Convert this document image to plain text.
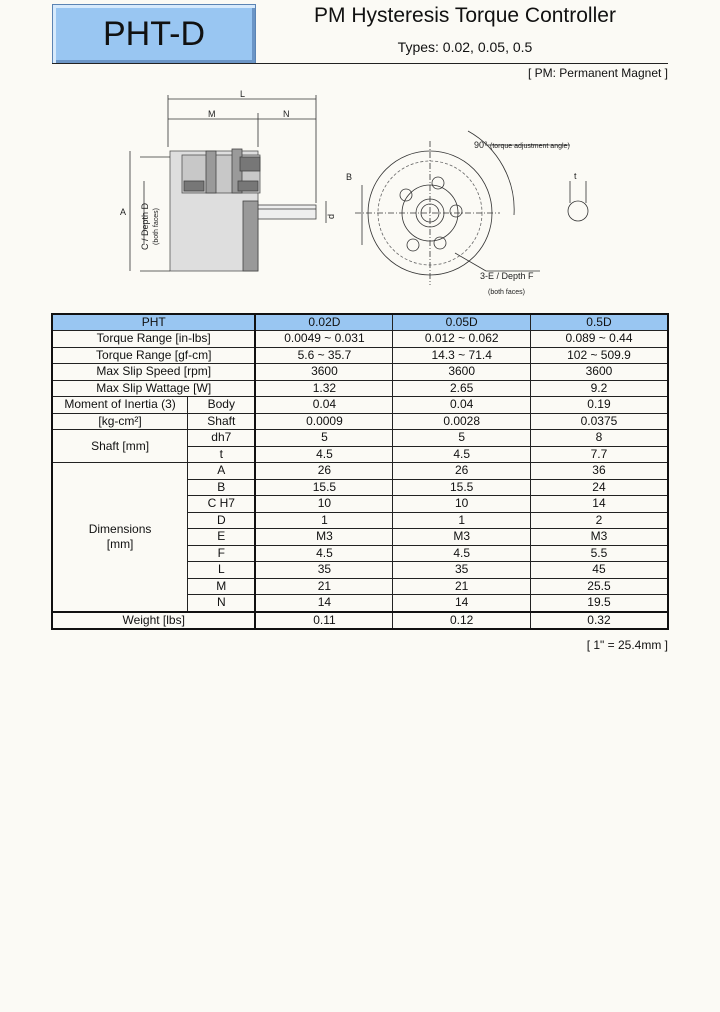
PHT-D	PM Hysteresis Torque Controller
Types: 0.02, 0.05, 0.5
[ PM: Permanent Magnet ]
L
M	N
A C / Depth D (both faces)	d
B
90° (torque adjustment angle)
t
3-E / Depth F
(both faces)
PHT		0.02D	0.05D	0.5D
Torque Range [in-lbs]		0.0049 ~ 0.031	0.012 ~ 0.062	0.089 ~ 0.44
Torque Range [gf-cm]		5.6 ~ 35.7	14.3 ~ 71.4	102 ~ 509.9
Max Slip Speed [rpm]		3600	3600	3600
Max Slip Wattage [W]		1.32	2.65	9.2
Moment of Inertia (3)	Body	0.04	0.04	0.19
[kg-cm²]	Shaft	0.0009	0.0028	0.0375
Shaft [mm]	dh7	5	5	8
	t	4.5	4.5	7.7

Dimensions
[mm]	A	26	26	36
	B	15.5	15.5	24
	C H7	10	10	14
	D	1	1	2
	E	M3	M3	M3
	F	4.5	4.5	5.5
	L	35	35	45
	M	21	21	25.5
	N	14	14	19.5
Weight [lbs]		0.11	0.12	0.32
[ 1" = 25.4mm ]
